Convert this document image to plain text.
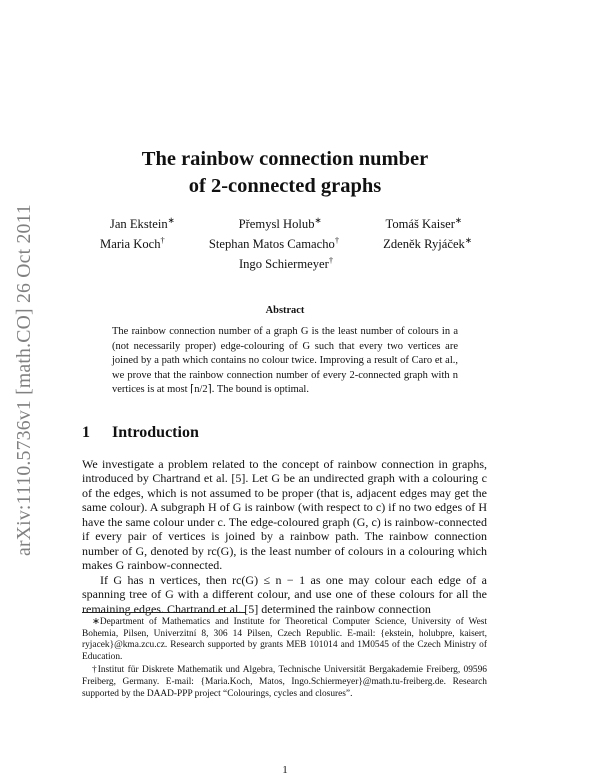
arXiv:1110.5736v1 [math.CO] 26 Oct 2011
The rainbow connection number
of 2-connected graphs
Jan Ekstein∗	Přemysl Holub∗	Tomáš Kaiser∗
Maria Koch†	Stephan Matos Camacho†	Zdeněk Ryjáček∗
Ingo Schiermeyer†
Abstract
The rainbow connection number of a graph G is the least number of colours in a (not necessarily proper) edge-colouring of G such that every two vertices are joined by a path which contains no colour twice. Improving a result of Caro et al., we prove that the rainbow connection number of every 2-connected graph with n vertices is at most ⌈n/2⌉. The bound is optimal.
1 Introduction

We investigate a problem related to the concept of rainbow connection in graphs, introduced by Chartrand et al. [5]. Let G be an undirected graph with a colouring c of the edges, which is not assumed to be proper (that is, adjacent edges may get the same colour). A subgraph H of G is rainbow (with respect to c) if no two edges of H have the same colour under c. The edge-coloured graph (G, c) is rainbow-connected if every pair of vertices is joined by a rainbow path. The rainbow connection number of G, denoted by rc(G), is the least number of colours in a colouring which makes G rainbow-connected.

If G has n vertices, then rc(G) ≤ n − 1 as one may colour each edge of a spanning tree of G with a different colour, and use one of these colours for all the remaining edges. Chartrand et al. [5] determined the rainbow connection

∗Department of Mathematics and Institute for Theoretical Computer Science, University of West Bohemia, Pilsen, Univerzitní 8, 306 14 Pilsen, Czech Republic. E-mail: {ekstein, holubpre, kaisert, ryjacek}@kma.zcu.cz. Research supported by grants MEB 101014 and 1M0545 of the Czech Ministry of Education.

†Institut für Diskrete Mathematik und Algebra, Technische Universität Bergakademie Freiberg, 09596 Freiberg, Germany. E-mail: {Maria.Koch, Matos, Ingo.Schiermeyer}@math.tu-freiberg.de. Research supported by the DAAD-PPP project “Colourings, cycles and closures”.

1
